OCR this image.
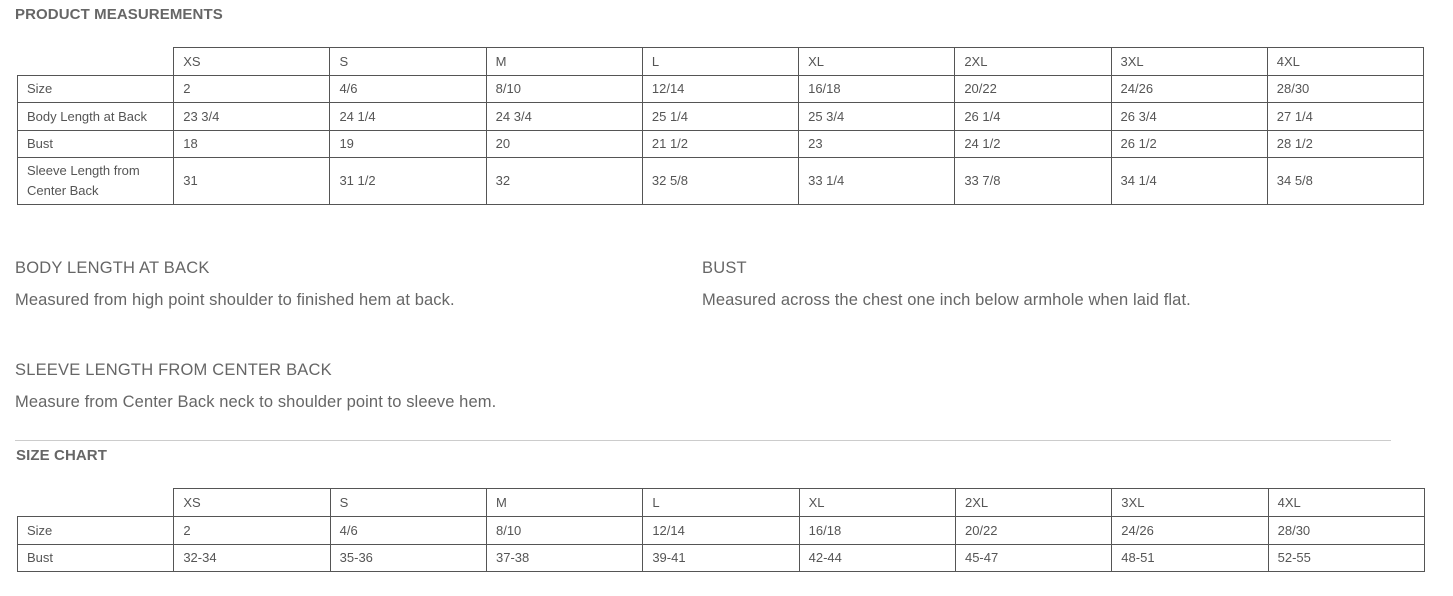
PRODUCT MEASUREMENTS
	XS	S	M	L	XL	2XL	3XL	4XL
Size	2	4/6	8/10	12/14	16/18	20/22	24/26	28/30
Body Length at Back	23 3/4	24 1/4	24 3/4	25 1/4	25 3/4	26 1/4	26 3/4	27 1/4
Bust	18	19	20	21 1/2	23	24 1/2	26 1/2	28 1/2
Sleeve Length from Center Back	31	31 1/2	32	32 5/8	33 1/4	33 7/8	34 1/4	34 5/8
BODY LENGTH AT BACK

Measured from high point shoulder to finished hem at back.

BUST

Measured across the chest one inch below armhole when laid flat.

SLEEVE LENGTH FROM CENTER BACK

Measure from Center Back neck to shoulder point to sleeve hem.

SIZE CHART
	XS	S	M	L	XL	2XL	3XL	4XL
Size	2	4/6	8/10	12/14	16/18	20/22	24/26	28/30
Bust	32-34	35-36	37-38	39-41	42-44	45-47	48-51	52-55
